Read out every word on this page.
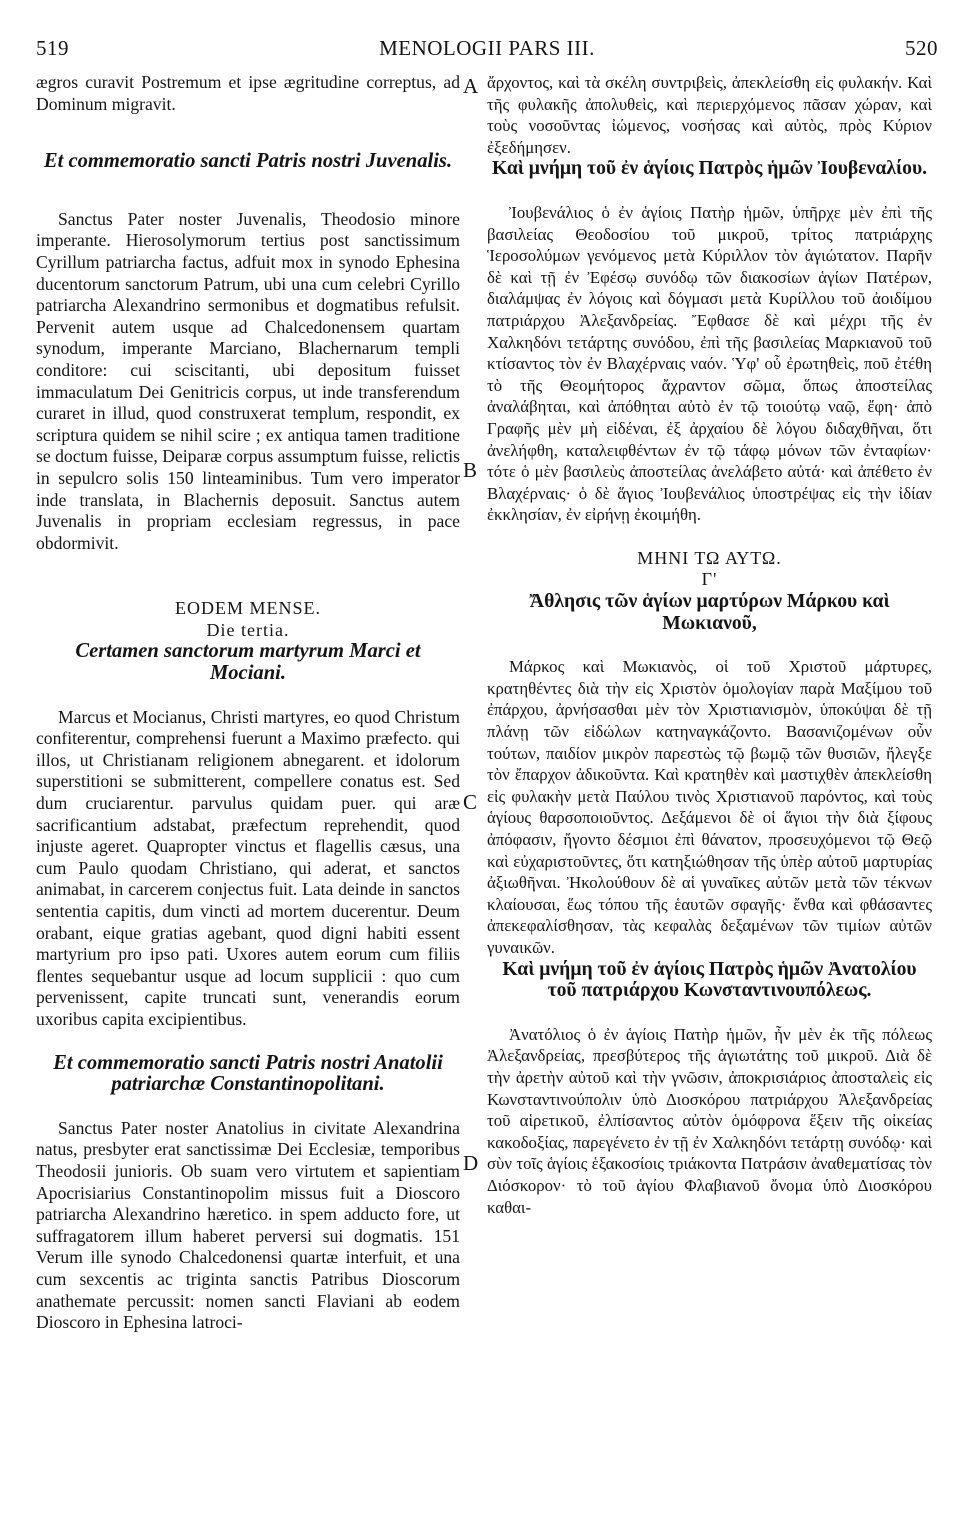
519	MENOLOGII PARS III.	520
A
B
C
D

ægros curavit Postremum et ipse ægritudine correptus, ad Dominum migravit.

Et commemoratio sancti Patris nostri Juvenalis.

Sanctus Pater noster Juvenalis, Theodosio minore imperante. Hierosolymorum tertius post sanctissimum Cyrillum patriarcha factus, adfuit mox in synodo Ephesina ducentorum sanctorum Patrum, ubi una cum celebri Cyrillo patriarcha Alexandrino sermonibus et dogmatibus refulsit. Pervenit autem usque ad Chalcedonensem quartam synodum, imperante Marciano, Blachernarum templi conditore: cui sciscitanti, ubi depositum fuisset immaculatum Dei Genitricis corpus, ut inde transferendum curaret in illud, quod construxerat templum, respondit, ex scriptura quidem se nihil scire ; ex antiqua tamen traditione se doctum fuisse, Deiparæ corpus assumptum fuisse, relictis in sepulcro solis 150 linteaminibus. Tum vero imperator inde translata, in Blachernis deposuit. Sanctus autem Juvenalis in propriam ecclesiam regressus, in pace obdormivit.

EODEM MENSE.
Die tertia.
Certamen sanctorum martyrum Marci et Mociani.

Marcus et Mocianus, Christi martyres, eo quod Christum confiterentur, comprehensi fuerunt a Maximo præfecto. qui illos, ut Christianam religionem abnegarent. et idolorum superstitioni se submitterent, compellere conatus est. Sed dum cruciarentur. parvulus quidam puer. qui aræ sacrificantium adstabat, præfectum reprehendit, quod injuste ageret. Quapropter vinctus et flagellis cæsus, una cum Paulo quodam Christiano, qui aderat, et sanctos animabat, in carcerem conjectus fuit. Lata deinde in sanctos sententia capitis, dum vincti ad mortem ducerentur. Deum orabant, eique gratias agebant, quod digni habiti essent martyrium pro ipso pati. Uxores autem eorum cum filiis flentes sequebantur usque ad locum supplicii : quo cum pervenissent, capite truncati sunt, venerandis eorum uxoribus capita excipientibus.

Et commemoratio sancti Patris nostri Anatolii patriarchæ Constantinopolitani.

Sanctus Pater noster Anatolius in civitate Alexandrina natus, presbyter erat sanctissimæ Dei Ecclesiæ, temporibus Theodosii junioris. Ob suam vero virtutem et sapientiam Apocrisiarius Constantinopolim missus fuit a Dioscoro patriarcha Alexandrino hæretico. in spem adducto fore, ut suffragatorem illum haberet perversi sui dogmatis. 151 Verum ille synodo Chalcedonensi quartæ interfuit, et una cum sexcentis ac triginta sanctis Patribus Dioscorum anathemate percussit: nomen sancti Flaviani ab eodem Dioscoro in Ephesina latroci-

ἄρχοντος, καὶ τὰ σκέλη συντριβεὶς, ἀπεκλείσθη εἰς φυλακήν. Καὶ τῆς φυλακῆς ἀπολυθεὶς, καὶ περιερχόμενος πᾶσαν χώραν, καὶ τοὺς νοσοῦντας ἰώμενος, νοσήσας καὶ αὐτὸς, πρὸς Κύριον ἐξεδήμησεν.

Καὶ μνήμη τοῦ ἐν ἁγίοις Πατρὸς ἡμῶν Ἰουβεναλίου.

Ἰουβενάλιος ὁ ἐν ἁγίοις Πατὴρ ἡμῶν, ὑπῆρχε μὲν ἐπὶ τῆς βασιλείας Θεοδοσίου τοῦ μικροῦ, τρίτος πατριάρχης Ἱεροσολύμων γενόμενος μετὰ Κύριλλον τὸν ἁγιώτατον. Παρῆν δὲ καὶ τῇ ἐν Ἐφέσῳ συνόδῳ τῶν διακοσίων ἁγίων Πατέρων, διαλάμψας ἐν λόγοις καὶ δόγμασι μετὰ Κυρίλλου τοῦ ἀοιδίμου πατριάρχου Ἀλεξανδρείας. Ἔφθασε δὲ καὶ μέχρι τῆς ἐν Χαλκηδόνι τετάρτης συνόδου, ἐπὶ τῆς βασιλείας Μαρκιανοῦ τοῦ κτίσαντος τὸν ἐν Βλαχέρναις ναόν. Ὑφ' οὗ ἐρωτηθεὶς, ποῦ ἐτέθη τὸ τῆς Θεομήτορος ἄχραντον σῶμα, ὅπως ἀποστείλας ἀναλάβηται, καὶ ἀπόθηται αὐτὸ ἐν τῷ τοιούτῳ ναῷ, ἔφη· ἀπὸ Γραφῆς μὲν μὴ εἰδέναι, ἐξ ἀρχαίου δὲ λόγου διδαχθῆναι, ὅτι ἀνελήφθη, καταλειφθέντων ἐν τῷ τάφῳ μόνων τῶν ἐνταφίων· τότε ὁ μὲν βασιλεὺς ἀποστείλας ἀνελάβετο αὐτά· καὶ ἀπέθετο ἐν Βλαχέρναις· ὁ δὲ ἅγιος Ἰουβενάλιος ὑποστρέψας εἰς τὴν ἰδίαν ἐκκλησίαν, ἐν εἰρήνῃ ἐκοιμήθη.

ΜΗΝΙ ΤΩ ΑΥΤΩ.
Γ'
Ἄθλησις τῶν ἁγίων μαρτύρων Μάρκου καὶ Μωκιανοῦ,

Μάρκος καὶ Μωκιανὸς, οἱ τοῦ Χριστοῦ μάρτυρες, κρατηθέντες διὰ τὴν εἰς Χριστὸν ὁμολογίαν παρὰ Μαξίμου τοῦ ἐπάρχου, ἀρνήσασθαι μὲν τὸν Χριστιανισμὸν, ὑποκύψαι δὲ τῇ πλάνῃ τῶν εἰδώλων κατηναγκάζοντο. Βασανιζομένων οὖν τούτων, παιδίον μικρὸν παρεστὼς τῷ βωμῷ τῶν θυσιῶν, ἤλεγξε τὸν ἔπαρχον ἀδικοῦντα. Καὶ κρατηθὲν καὶ μαστιχθὲν ἀπεκλείσθη εἰς φυλακὴν μετὰ Παύλου τινὸς Χριστιανοῦ παρόντος, καὶ τοὺς ἁγίους θαρσοποιοῦντος. Δεξάμενοι δὲ οἱ ἅγιοι τὴν διὰ ξίφους ἀπόφασιν, ἤγοντο δέσμιοι ἐπὶ θάνατον, προσευχόμενοι τῷ Θεῷ καὶ εὐχαριστοῦντες, ὅτι κατηξιώθησαν τῆς ὑπὲρ αὐτοῦ μαρτυρίας ἀξιωθῆναι. Ἠκολούθουν δὲ αἱ γυναῖκες αὐτῶν μετὰ τῶν τέκνων κλαίουσαι, ἕως τόπου τῆς ἑαυτῶν σφαγῆς· ἔνθα καὶ φθάσαντες ἀπεκεφαλίσθησαν, τὰς κεφαλὰς δεξαμένων τῶν τιμίων αὐτῶν γυναικῶν.

Καὶ μνήμη τοῦ ἐν ἁγίοις Πατρὸς ἡμῶν Ἀνατολίου τοῦ πατριάρχου Κωνσταντινουπόλεως.

Ἀνατόλιος ὁ ἐν ἁγίοις Πατὴρ ἡμῶν, ἦν μὲν ἐκ τῆς πόλεως Ἀλεξανδρείας, πρεσβύτερος τῆς ἁγιωτάτης τοῦ μικροῦ. Διὰ δὲ τὴν ἀρετὴν αὐτοῦ καὶ τὴν γνῶσιν, ἀποκρισιάριος ἀποσταλεὶς εἰς Κωνσταντινούπολιν ὑπὸ Διοσκόρου πατριάρχου Ἀλεξανδρείας τοῦ αἱρετικοῦ, ἐλπίσαντος αὐτὸν ὁμόφρονα ἕξειν τῆς οἰκείας κακοδοξίας, παρεγένετο ἐν τῇ ἐν Χαλκηδόνι τετάρτῃ συνόδῳ· καὶ σὺν τοῖς ἁγίοις ἑξακοσίοις τριάκοντα Πατράσιν ἀναθεματίσας τὸν Διόσκορον· τὸ τοῦ ἁγίου Φλαβιανοῦ ὄνομα ὑπὸ Διοσκόρου καθαι-
